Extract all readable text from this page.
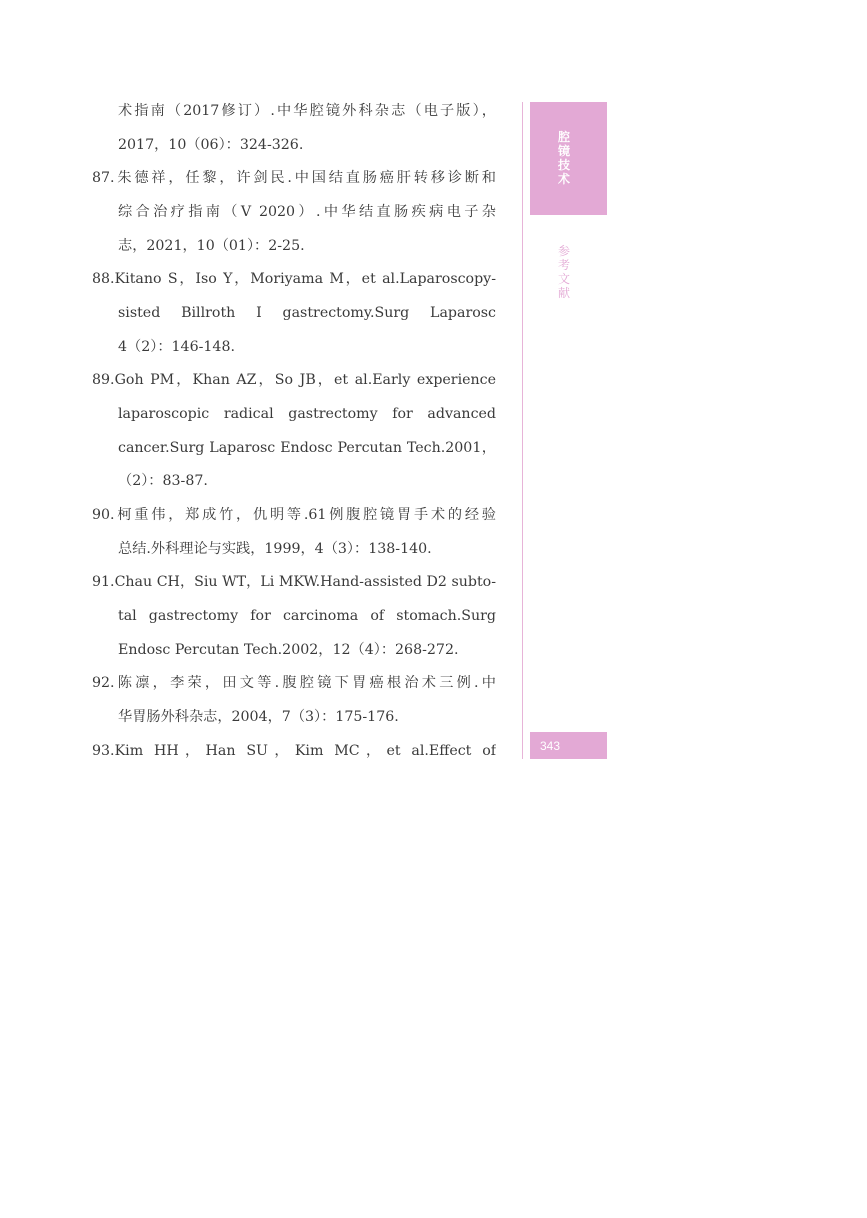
术指南（2017修订）.中华腔镜外科杂志（电子版），
2017，10（06）：324-326.
87.朱德祥，任黎，许剑民.中国结直肠癌肝转移诊断和
综合治疗指南（V 2020）.中华结直肠疾病电子杂
志，2021，10（01）：2-25.
88.Kitano S，Iso Y，Moriyama M，et al.Laparoscopy-
sisted Billroth I gastrectomy.Surg Laparosc
4（2）：146-148.
89.Goh PM，Khan AZ，So JB，et al.Early experience
laparoscopic radical gastrectomy for advanced
cancer.Surg Laparosc Endosc Percutan Tech.2001，
（2）：83-87.
90.柯重伟，郑成竹，仇明等.61例腹腔镜胃手术的经验
总结.外科理论与实践，1999，4（3）：138-140.
91.Chau CH，Siu WT，Li MKW.Hand-assisted D2 subto-
tal gastrectomy for carcinoma of stomach.Surg
Endosc Percutan Tech.2002，12（4）：268-272.
92.陈凛，李荣，田文等.腹腔镜下胃癌根治术三例.中
华胃肠外科杂志，2004，7（3）：175-176.
93.Kim HH，Han SU，Kim MC，et al.Effect of
腔镜技术
参考文献
343
